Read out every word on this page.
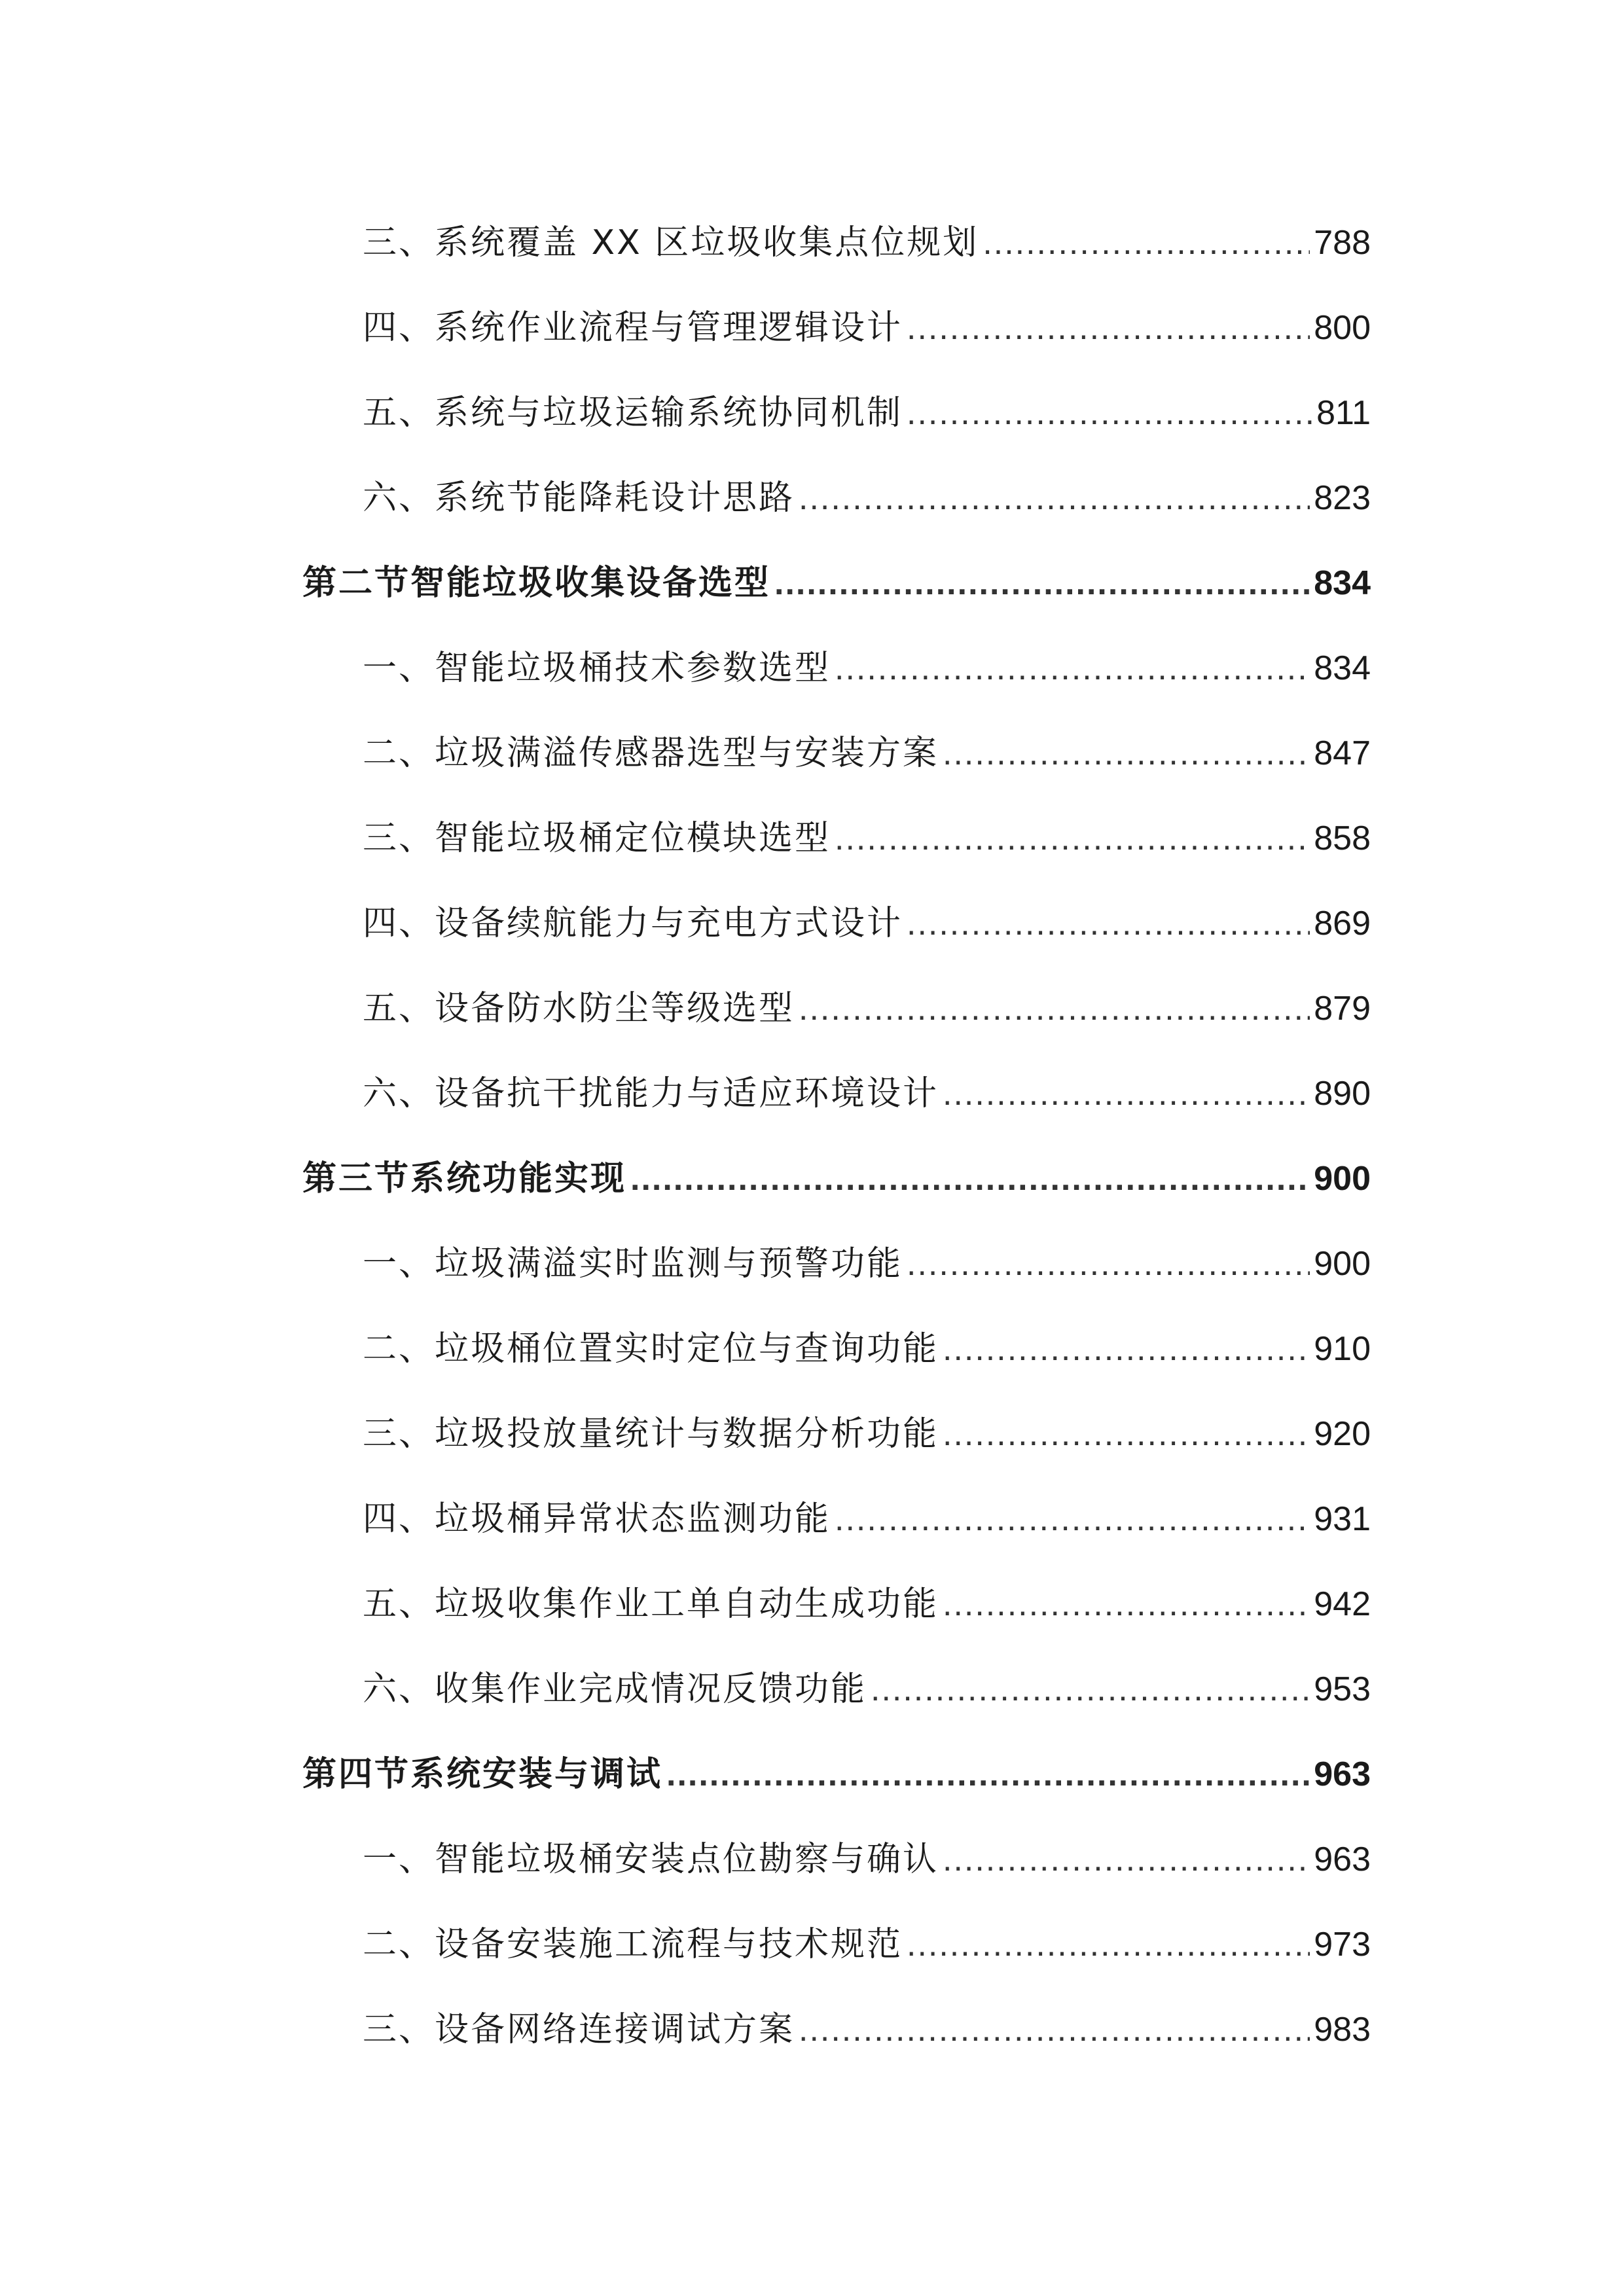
三、系统覆盖 XX 区垃圾收集点位规划 .....	788
四、系统作业流程与管理逻辑设计 .....	800
五、系统与垃圾运输系统协同机制 .....	811
六、系统节能降耗设计思路 .....	823
第二节智能垃圾收集设备选型 .....	834
一、智能垃圾桶技术参数选型 .....	834
二、垃圾满溢传感器选型与安装方案 .....	847
三、智能垃圾桶定位模块选型 .....	858
四、设备续航能力与充电方式设计 .....	869
五、设备防水防尘等级选型 .....	879
六、设备抗干扰能力与适应环境设计 .....	890
第三节系统功能实现 .....	900
一、垃圾满溢实时监测与预警功能 .....	900
二、垃圾桶位置实时定位与查询功能 .....	910
三、垃圾投放量统计与数据分析功能 .....	920
四、垃圾桶异常状态监测功能 .....	931
五、垃圾收集作业工单自动生成功能 .....	942
六、收集作业完成情况反馈功能 .....	953
第四节系统安装与调试 .....	963
一、智能垃圾桶安装点位勘察与确认 .....	963
二、设备安装施工流程与技术规范 .....	973
三、设备网络连接调试方案 .....	983
